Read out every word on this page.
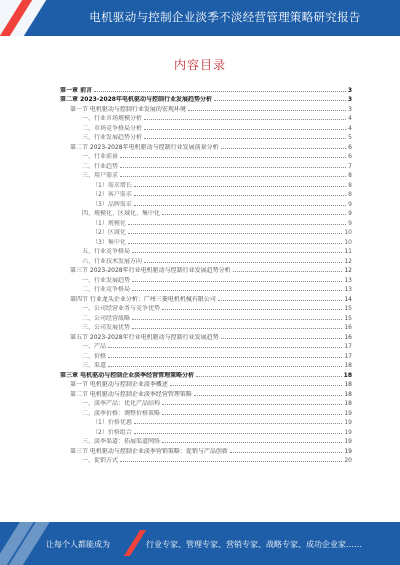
电机驱动与控制企业淡季不淡经营管理策略研究报告
内容目录
第一章 前言	3
第二章 2023-2028年电机驱动与控制行业发展趋势分析	3
第一节 电机驱动与控制行业发展的宏观环境	3
一、行业市场规模分析	4
二、市场竞争格局分析	4
三、行业发展趋势分析	5
第二节 2023-2028年电机驱动与控制行业发展前景分析	6
一、行业前景	6
二、行业趋势	7
三、用户需求	8
（1）需求增长	8
（2）客户需求	8
（3）品牌需求	9
四、规模化、区域化、集中化	9
（1）规模化	9
（2）区域化	10
（3）集中化	10
五、行业竞争格局	11
六、行业技术发展方向	12
第三节 2023-2028年行业电机驱动与控制行业发展趋势分析	12
一、行业发展趋势	13
二、行业竞争格局	13
第四节 行业龙头企业分析：广州三菱电机机械有限公司	14
一、公司经营业务与竞争优势	15
二、公司经营战略	15
三、公司发展优势	16
第五节 2023-2028年行业电机驱动与控制行业发展趋势	16
一、产品	17
二、价格	17
三、渠道	18
第三章 电机驱动与控制企业淡季经营管理策略分析	18
第一节 电机驱动与控制企业淡季概述	18
第二节 电机驱动与控制企业淡季经营管理策略	18
一、淡季产品：优化产品结构	18
二、淡季价格：调整价格策略	19
（1）价格优惠	19
（2）价格组合	19
三、淡季渠道：拓展渠道网络	19
第三节 电机驱动与控制企业淡季营销策略：促销与产品创新	19
一、促销方式	20
让每个人都能成为	行业专家、管理专家、营销专家、战略专家、成功企业家……
